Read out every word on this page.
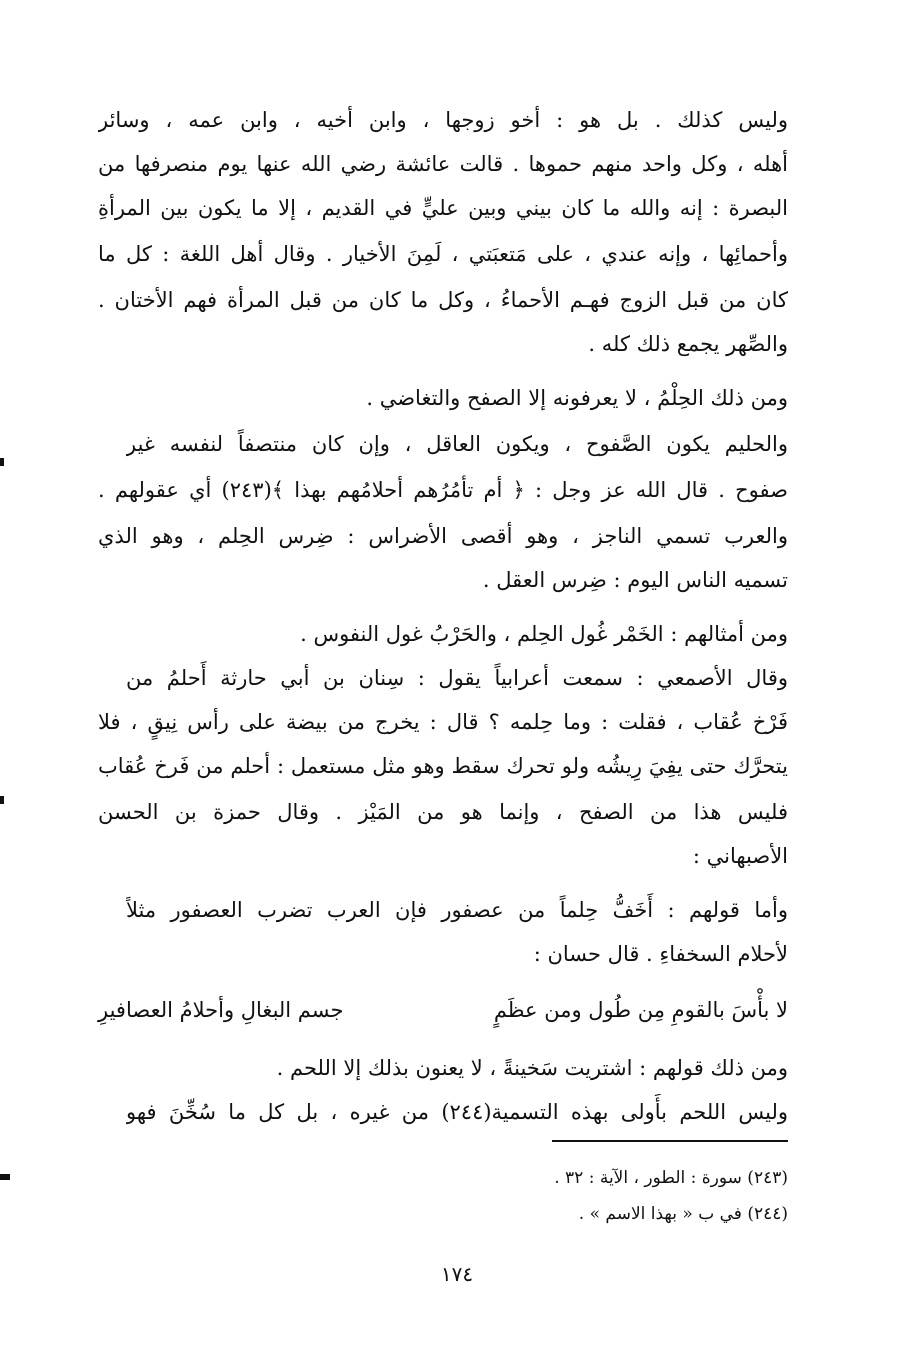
وليس كذلك . بل هو : أخو زوجها ، وابن أخيه ، وابن عمه ، وسائر
أهله ، وكل واحد منهم حموها . قالت عائشة رضي الله عنها يوم منصرفها من
البصرة : إنه والله ما كان بيني وبين عليٍّ في القديم ، إلا ما يكون بين المرأةِ
وأحمائِها ، وإنه عندي ، على مَتعبَتي ، لَمِنَ الأخيار . وقال أهل اللغة : كل ما
كان من قبل الزوج فهـم الأحماءُ ، وكل ما كان من قبل المرأة فهم الأختان .
والصِّهر يجمع ذلك كله .
ومن ذلك الحِلْمُ ، لا يعرفونه إلا الصفح والتغاضي .
والحليم يكون الصَّفوح ، ويكون العاقل ، وإن كان منتصفاً لنفسه غير
صفوح . قال الله عز وجل : ﴿ أم تأمُرُهم أحلامُهم بهذا ﴾(٢٤٣) أي عقولهم .
والعرب تسمي الناجز ، وهو أقصى الأضراس : ضِرس الحِلم ، وهو الذي
تسميه الناس اليوم : ضِرس العقل .
ومن أمثالهم : الخَمْر غُول الحِلم ، والحَرْبُ غول النفوس .
وقال الأصمعي : سمعت أعرابياً يقول : سِنان بن أبي حارثة أَحلمُ من
فَرْخ عُقاب ، فقلت : وما حِلمه ؟ قال : يخرج من بيضة على رأس نِيقٍ ، فلا
يتحرَّك حتى يفِيَ رِيشُه ولو تحرك سقط وهو مثل مستعمل : أحلم من فَرخ عُقاب
فليس هذا من الصفح ، وإنما هو من المَيْز . وقال حمزة بن الحسن
الأصبهاني :
وأما قولهم : أَخَفُّ حِلماً من عصفور فإن العرب تضرب العصفور مثلاً
لأحلام السخفاءِ . قال حسان :
لا بأْسَ بالقومِ مِن طُول ومن عظَمٍ
جسم البغالِ وأحلامُ العصافيرِ
ومن ذلك قولهم : اشتريت سَخينةً ، لا يعنون بذلك إلا اللحم .
وليس اللحم بأَولى بهذه التسمية(٢٤٤) من غيره ، بل كل ما سُخِّنَ فهو
(٢٤٣) سورة : الطور ، الآية : ٣٢ .
(٢٤٤) في ب « بهذا الاسم » .
١٧٤
